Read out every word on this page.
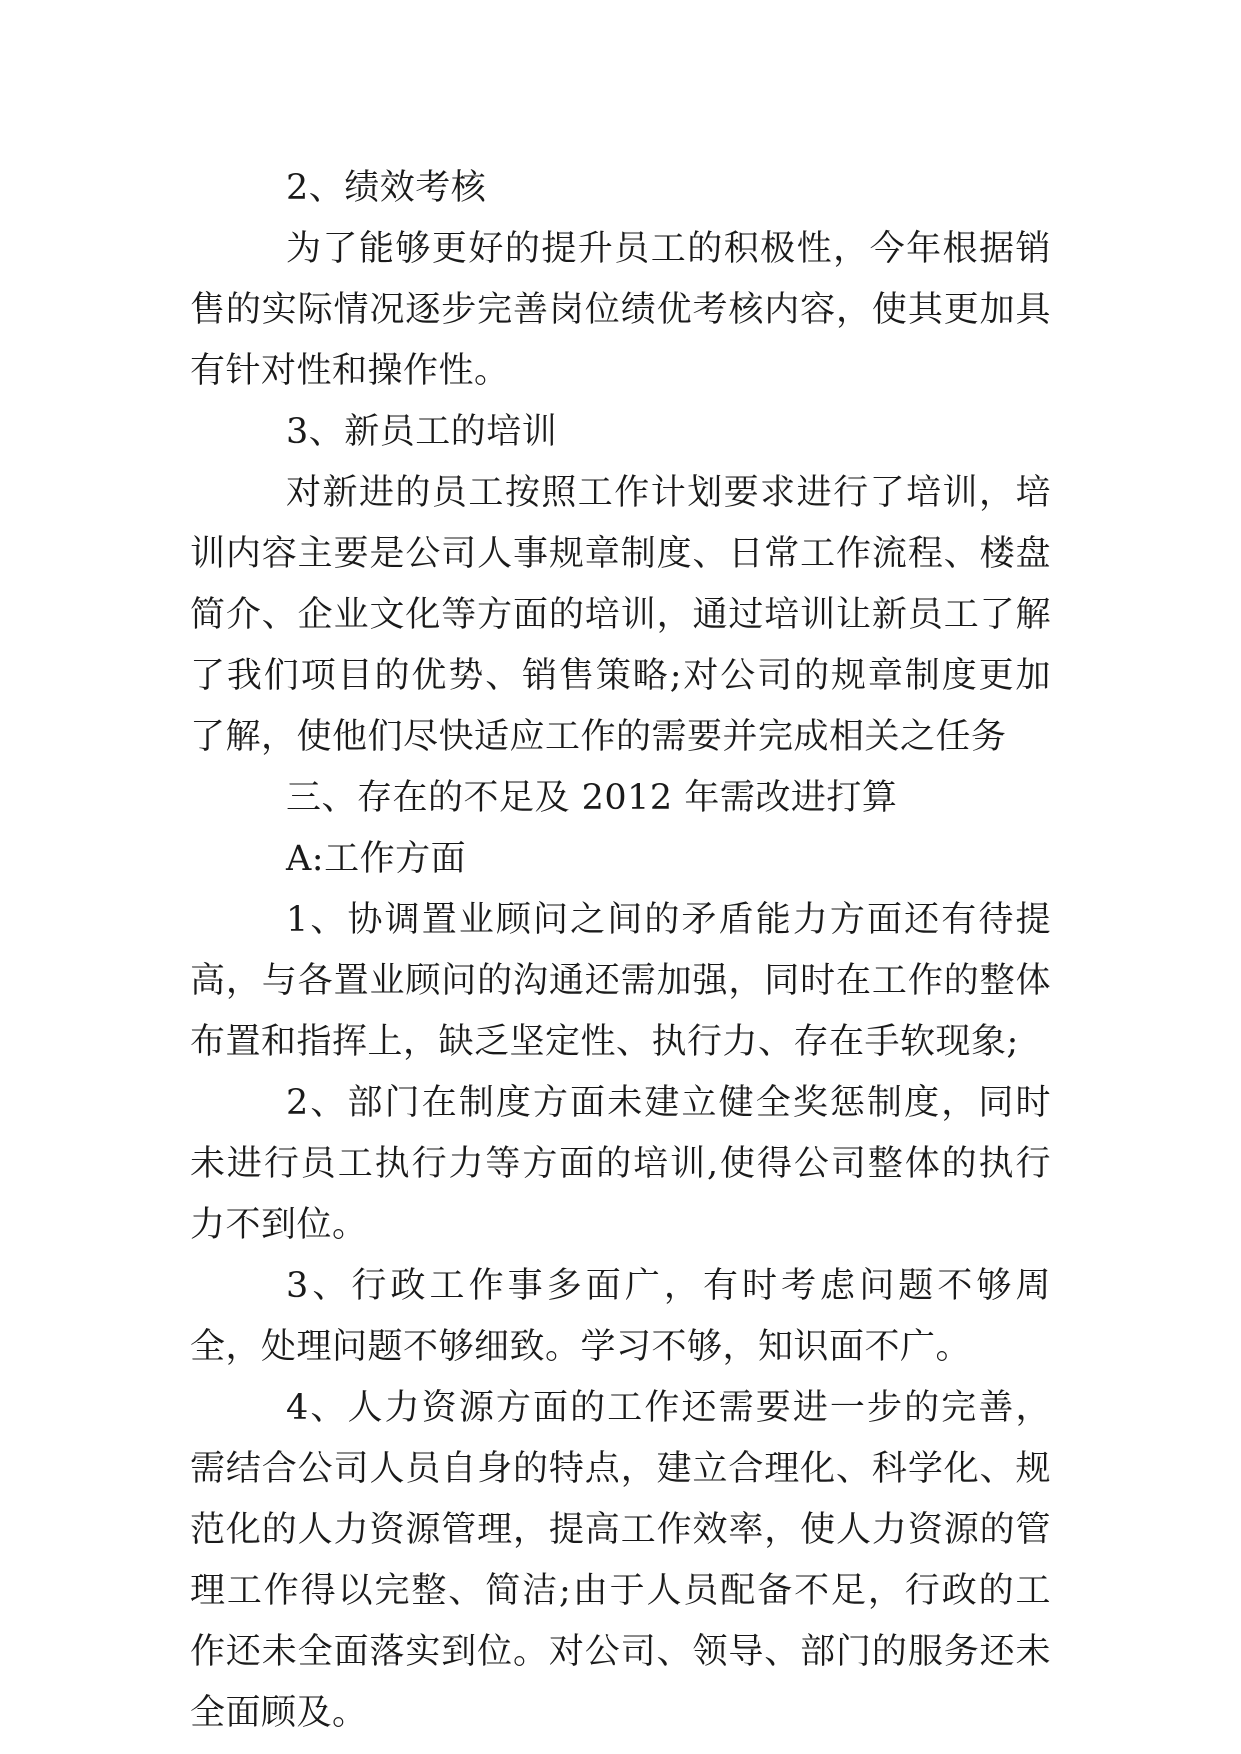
2、绩效考核

为了能够更好的提升员工的积极性，今年根据销售的实际情况逐步完善岗位绩优考核内容，使其更加具有针对性和操作性。

3、新员工的培训

对新进的员工按照工作计划要求进行了培训，培训内容主要是公司人事规章制度、日常工作流程、楼盘简介、企业文化等方面的培训，通过培训让新员工了解了我们项目的优势、销售策略;对公司的规章制度更加了解，使他们尽快适应工作的需要并完成相关之任务

三、存在的不足及 2012 年需改进打算

A:工作方面

1、协调置业顾问之间的矛盾能力方面还有待提高，与各置业顾问的沟通还需加强，同时在工作的整体布置和指挥上，缺乏坚定性、执行力、存在手软现象;

2、部门在制度方面未建立健全奖惩制度，同时未进行员工执行力等方面的培训,使得公司整体的执行力不到位。

3、行政工作事多面广，有时考虑问题不够周全，处理问题不够细致。学习不够，知识面不广。

4、人力资源方面的工作还需要进一步的完善，需结合公司人员自身的特点，建立合理化、科学化、规范化的人力资源管理，提高工作效率，使人力资源的管理工作得以完整、简洁;由于人员配备不足，行政的工作还未全面落实到位。对公司、领导、部门的服务还未全面顾及。
